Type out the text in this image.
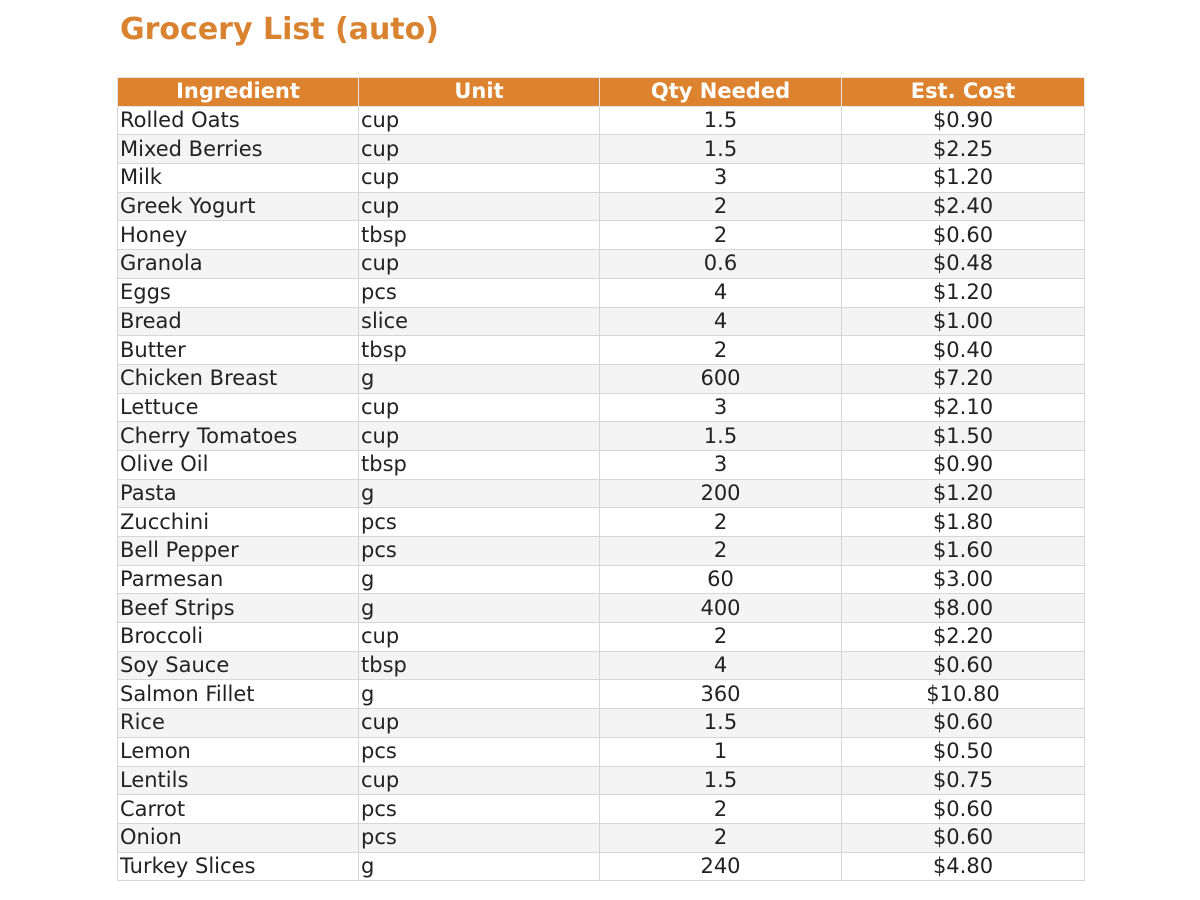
Grocery List (auto)
Ingredient	Unit	Qty Needed	Est. Cost
Rolled Oats	cup	1.5	$0.90
Mixed Berries	cup	1.5	$2.25
Milk	cup	3	$1.20
Greek Yogurt	cup	2	$2.40
Honey	tbsp	2	$0.60
Granola	cup	0.6	$0.48
Eggs	pcs	4	$1.20
Bread	slice	4	$1.00
Butter	tbsp	2	$0.40
Chicken Breast	g	600	$7.20
Lettuce	cup	3	$2.10
Cherry Tomatoes	cup	1.5	$1.50
Olive Oil	tbsp	3	$0.90
Pasta	g	200	$1.20
Zucchini	pcs	2	$1.80
Bell Pepper	pcs	2	$1.60
Parmesan	g	60	$3.00
Beef Strips	g	400	$8.00
Broccoli	cup	2	$2.20
Soy Sauce	tbsp	4	$0.60
Salmon Fillet	g	360	$10.80
Rice	cup	1.5	$0.60
Lemon	pcs	1	$0.50
Lentils	cup	1.5	$0.75
Carrot	pcs	2	$0.60
Onion	pcs	2	$0.60
Turkey Slices	g	240	$4.80
